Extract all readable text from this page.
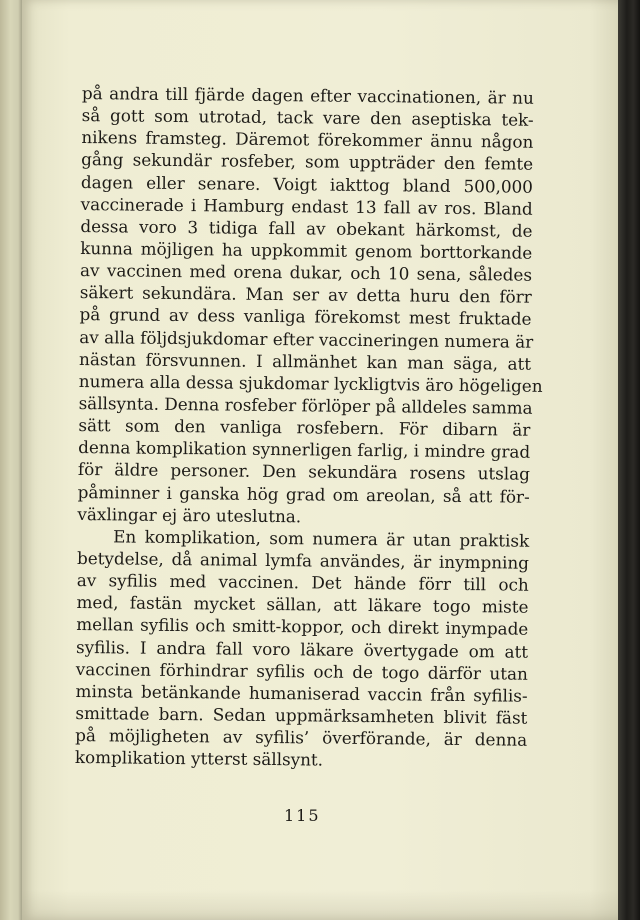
på andra till fjärde dagen efter vaccinationen, är nu
så gott som utrotad, tack vare den aseptiska tek-
nikens framsteg. Däremot förekommer ännu någon
gång sekundär rosfeber, som uppträder den femte
dagen eller senare. Voigt iakttog bland 500,000
vaccinerade i Hamburg endast 13 fall av ros. Bland
dessa voro 3 tidiga fall av obekant härkomst, de
kunna möjligen ha uppkommit genom borttorkande
av vaccinen med orena dukar, och 10 sena, således
säkert sekundära. Man ser av detta huru den förr
på grund av dess vanliga förekomst mest fruktade
av alla följdsjukdomar efter vaccineringen numera är
nästan försvunnen. I allmänhet kan man säga, att
numera alla dessa sjukdomar lyckligtvis äro högeligen
sällsynta. Denna rosfeber förlöper på alldeles samma
sätt som den vanliga rosfebern. För dibarn är
denna komplikation synnerligen farlig, i mindre grad
för äldre personer. Den sekundära rosens utslag
påminner i ganska hög grad om areolan, så att för-
växlingar ej äro uteslutna.
En komplikation, som numera är utan praktisk
betydelse, då animal lymfa användes, är inympning
av syfilis med vaccinen. Det hände förr till och
med, fastän mycket sällan, att läkare togo miste
mellan syfilis och smitt-koppor, och direkt inympade
syfilis. I andra fall voro läkare övertygade om att
vaccinen förhindrar syfilis och de togo därför utan
minsta betänkande humaniserad vaccin från syfilis-
smittade barn. Sedan uppmärksamheten blivit fäst
på möjligheten av syfilis’ överförande, är denna
komplikation ytterst sällsynt.
115
